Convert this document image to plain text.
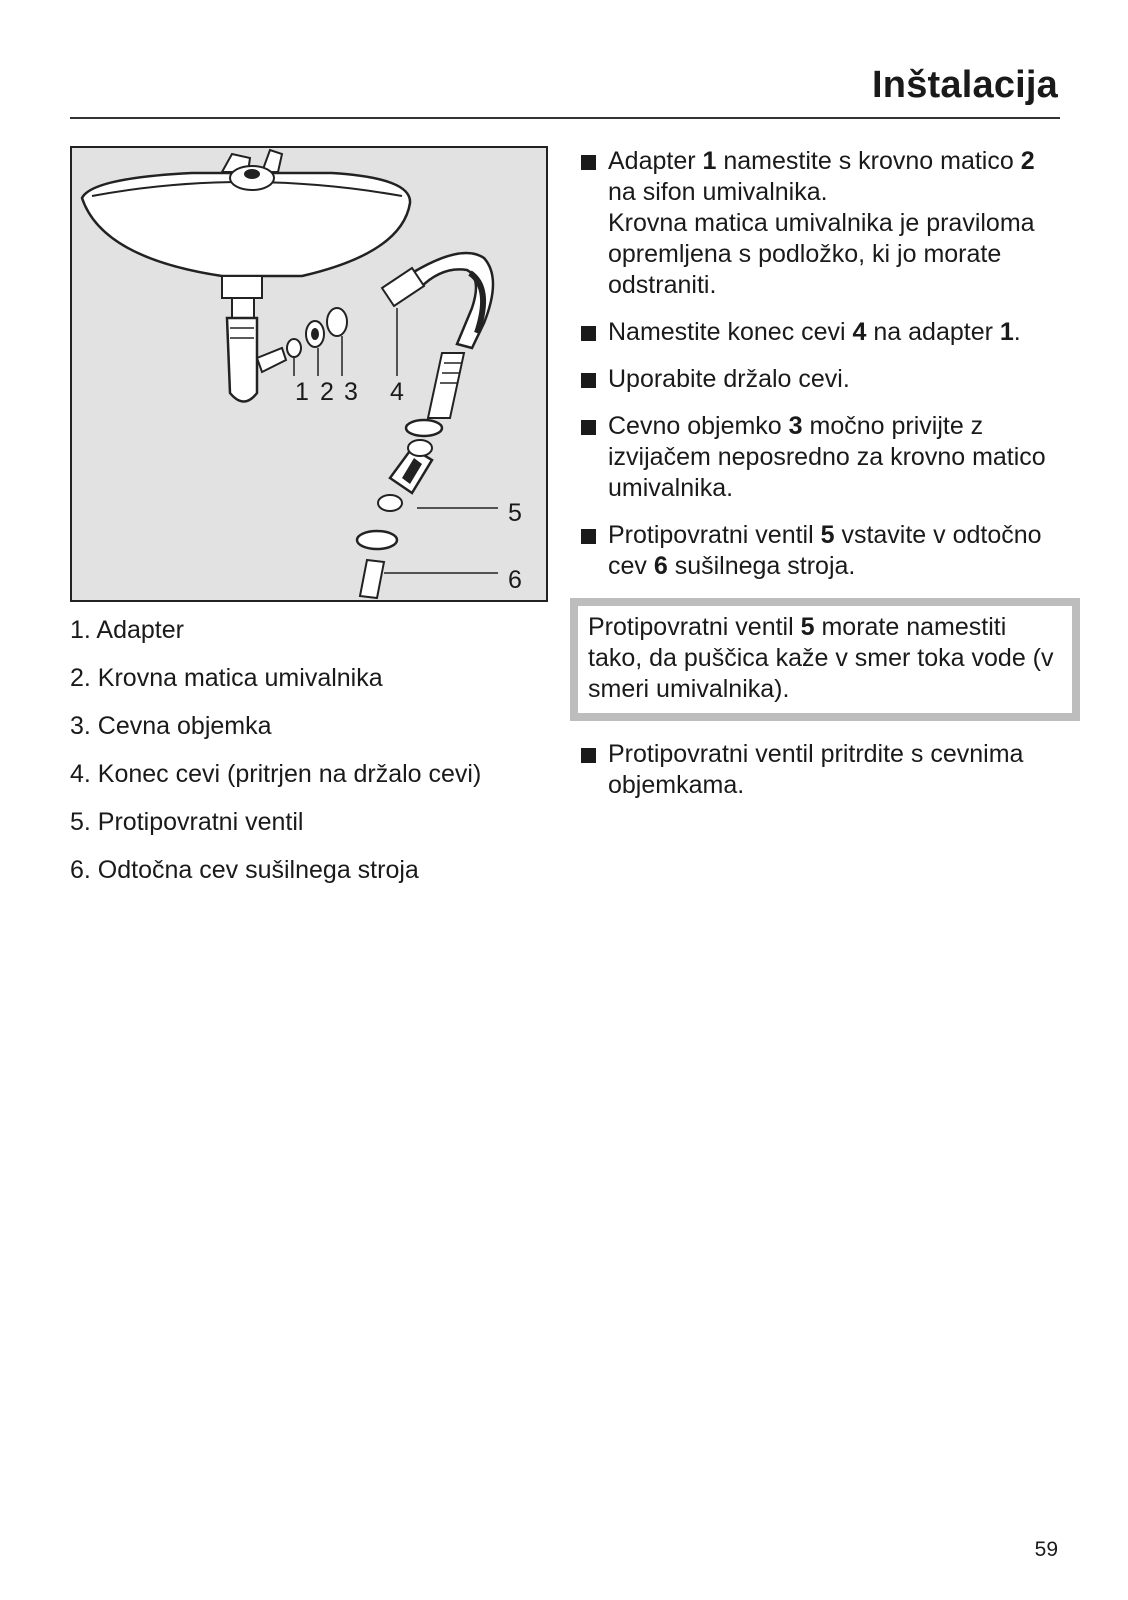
Inštalacija
1 2 3 4
5
6
1. Adapter
2. Krovna matica umivalnika
3. Cevna objemka
4. Konec cevi (pritrjen na držalo cevi)
5. Protipovratni ventil
6. Odtočna cev sušilnega stroja
Adapter 1 namestite s krovno matico 2 na sifon umivalnika.
Krovna matica umivalnika je praviloma opremljena s podložko, ki jo morate odstraniti.
Namestite konec cevi 4 na adapter 1.
Uporabite držalo cevi.
Cevno objemko 3 močno privijte z izvijačem neposredno za krovno matico umivalnika.
Protipovratni ventil 5 vstavite v odtočno cev 6 sušilnega stroja.
Protipovratni ventil 5 morate namestiti tako, da puščica kaže v smer toka vode (v smeri umivalnika).
Protipovratni ventil pritrdite s cevnima objemkama.
59
